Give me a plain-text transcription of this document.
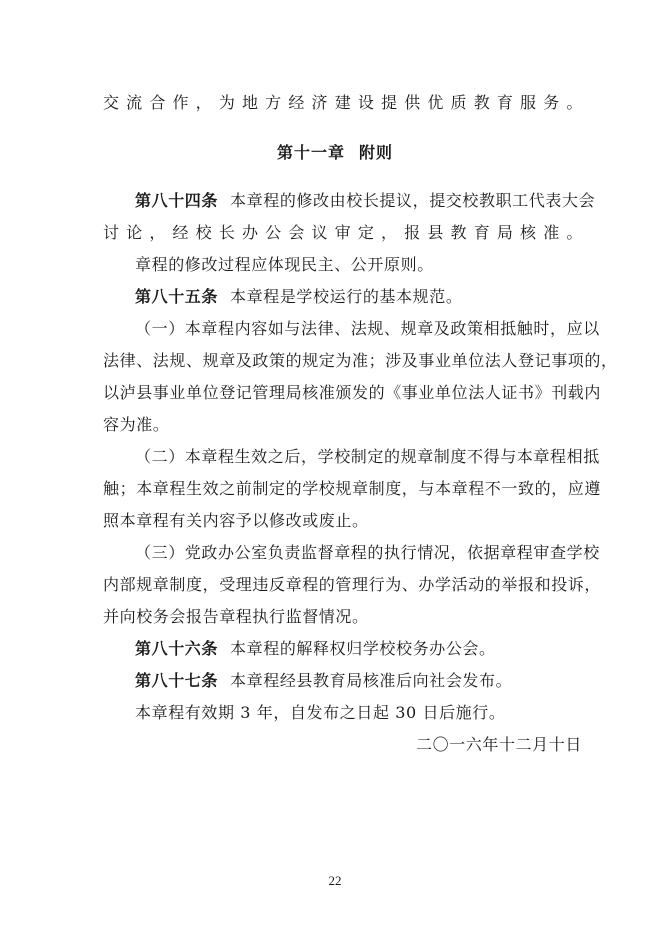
交流合作，为地方经济建设提供优质教育服务。
第十一章 附则
第八十四条 本章程的修改由校长提议，提交校教职工代表大会
讨论，经校长办公会议审定，报县教育局核准。
章程的修改过程应体现民主、公开原则。
第八十五条 本章程是学校运行的基本规范。
（一）本章程内容如与法律、法规、规章及政策相抵触时，应以
法律、法规、规章及政策的规定为准；涉及事业单位法人登记事项的，
以泸县事业单位登记管理局核准颁发的《事业单位法人证书》刊载内
容为准。
（二）本章程生效之后，学校制定的规章制度不得与本章程相抵
触；本章程生效之前制定的学校规章制度，与本章程不一致的，应遵
照本章程有关内容予以修改或废止。
（三）党政办公室负责监督章程的执行情况，依据章程审查学校
内部规章制度，受理违反章程的管理行为、办学活动的举报和投诉，
并向校务会报告章程执行监督情况。
第八十六条 本章程的解释权归学校校务办公会。
第八十七条 本章程经县教育局核准后向社会发布。
本章程有效期 3 年，自发布之日起 30 日后施行。
二〇一六年十二月十日
22
